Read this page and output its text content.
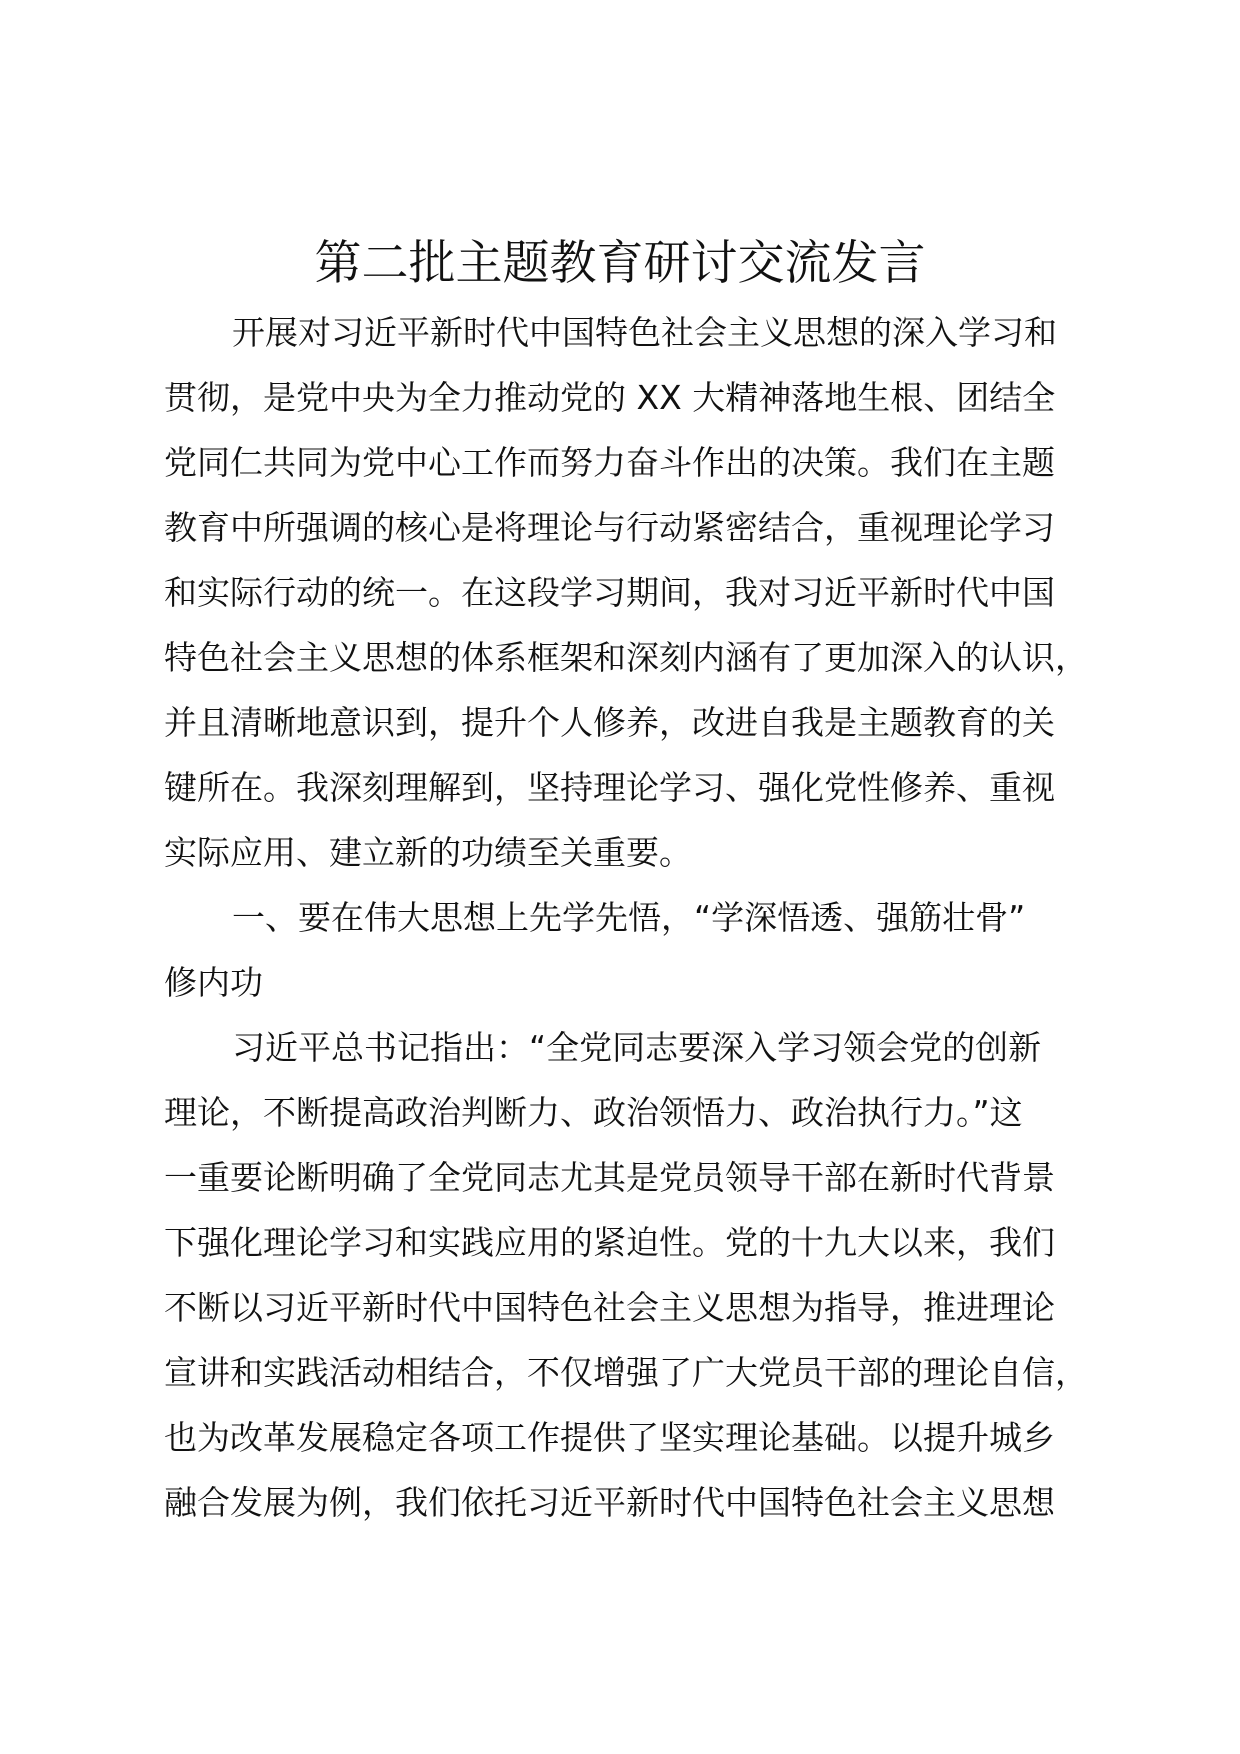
第二批主题教育研讨交流发言
开展对习近平新时代中国特色社会主义思想的深入学习和
贯彻，是党中央为全力推动党的 XX 大精神落地生根、团结全
党同仁共同为党中心工作而努力奋斗作出的决策。我们在主题
教育中所强调的核心是将理论与行动紧密结合，重视理论学习
和实际行动的统一。在这段学习期间，我对习近平新时代中国
特色社会主义思想的体系框架和深刻内涵有了更加深入的认识，
并且清晰地意识到，提升个人修养，改进自我是主题教育的关
键所在。我深刻理解到，坚持理论学习、强化党性修养、重视
实际应用、建立新的功绩至关重要。
一、要在伟大思想上先学先悟，“学深悟透、强筋壮骨”
修内功
习近平总书记指出：“全党同志要深入学习领会党的创新
理论，不断提高政治判断力、政治领悟力、政治执行力。”这
一重要论断明确了全党同志尤其是党员领导干部在新时代背景
下强化理论学习和实践应用的紧迫性。党的十九大以来，我们
不断以习近平新时代中国特色社会主义思想为指导，推进理论
宣讲和实践活动相结合，不仅增强了广大党员干部的理论自信，
也为改革发展稳定各项工作提供了坚实理论基础。以提升城乡
融合发展为例，我们依托习近平新时代中国特色社会主义思想
